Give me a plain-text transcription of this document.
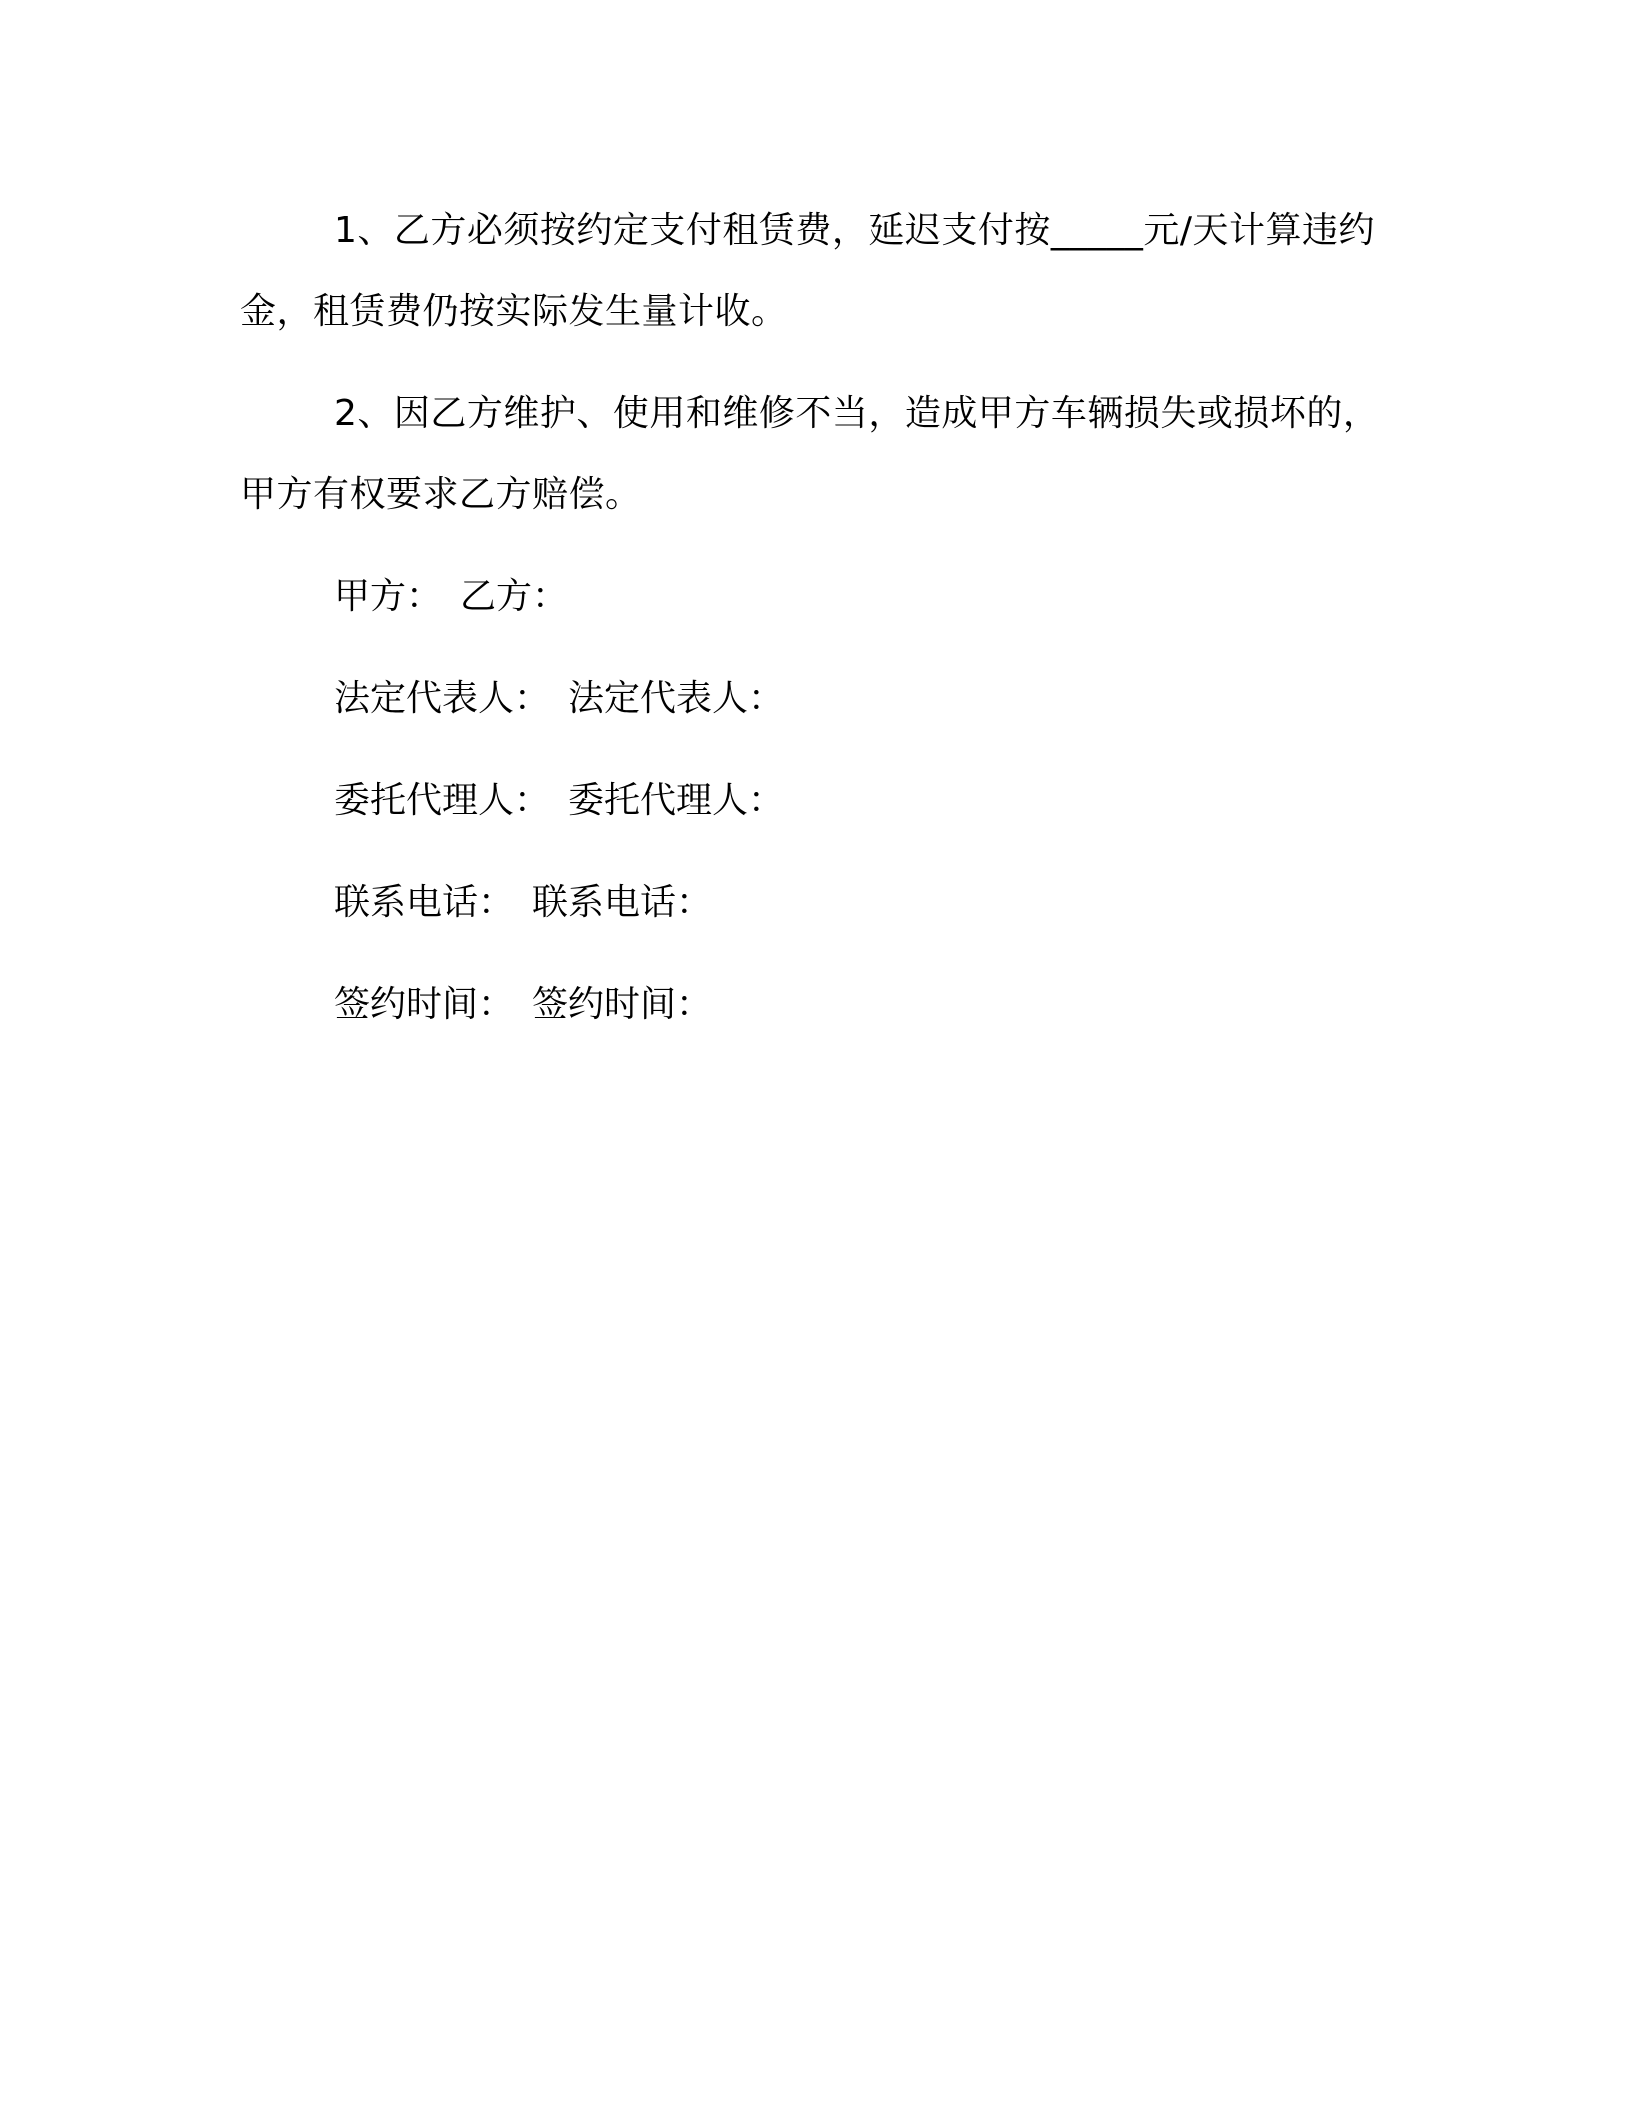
1、乙方必须按约定支付租赁费，延迟支付按_____元/天计算违约金，租赁费仍按实际发生量计收。

2、因乙方维护、使用和维修不当，造成甲方车辆损失或损坏的，甲方有权要求乙方赔偿。

甲方： 乙方：
法定代表人： 法定代表人：
委托代理人： 委托代理人：
联系电话： 联系电话：
签约时间： 签约时间：
